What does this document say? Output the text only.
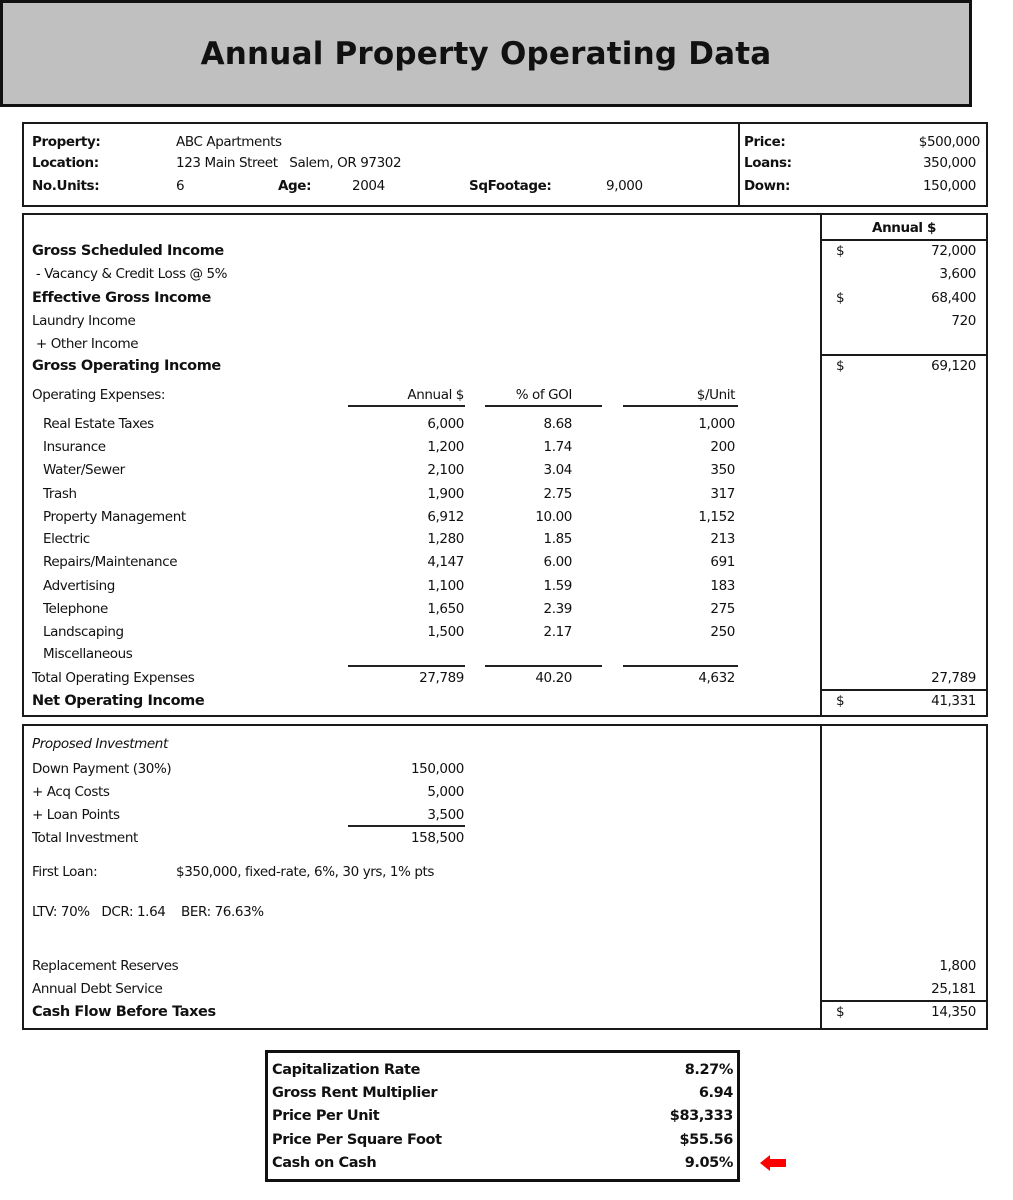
Annual Property Operating Data
Property:	ABC Apartments
Location:	123 Main Street   Salem, OR 97302
No.Units:	6	Age:	2004	SqFootage:	9,000
Price:	$500,000
Loans:	350,000
Down:	150,000
Annual $
Gross Scheduled Income	$	72,000
- Vacancy & Credit Loss @ 5%	3,600
Effective Gross Income	$	68,400
Laundry Income	720
+ Other Income
Gross Operating Income	$	69,120
Operating Expenses:	Annual $	% of GOI	$/Unit
Real Estate Taxes	6,000	8.68	1,000
Insurance	1,200	1.74	200
Water/Sewer	2,100	3.04	350
Trash	1,900	2.75	317
Property Management	6,912	10.00	1,152
Electric	1,280	1.85	213
Repairs/Maintenance	4,147	6.00	691
Advertising	1,100	1.59	183
Telephone	1,650	2.39	275
Landscaping	1,500	2.17	250
Miscellaneous
Total Operating Expenses	27,789	40.20	4,632	27,789
Net Operating Income	$	41,331
Proposed Investment
Down Payment (30%)	150,000
+ Acq Costs	5,000
+ Loan Points	3,500
Total Investment	158,500
First Loan:	$350,000, fixed-rate, 6%, 30 yrs, 1% pts
LTV: 70%   DCR: 1.64    BER: 76.63%
Replacement Reserves	1,800
Annual Debt Service	25,181
Cash Flow Before Taxes	$	14,350
Capitalization Rate	8.27%
Gross Rent Multiplier	6.94
Price Per Unit	$83,333
Price Per Square Foot	$55.56
Cash on Cash	9.05%
